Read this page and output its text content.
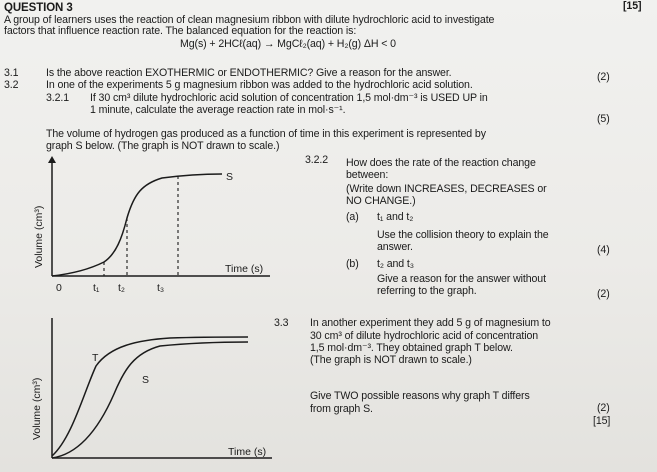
QUESTION 3	[15]
A group of learners uses the reaction of clean magnesium ribbon with dilute hydrochloric acid to investigate
factors that influence reaction rate. The balanced equation for the reaction is:
Mg(s) + 2HCℓ(aq) → MgCℓ₂(aq) + H₂(g) ΔH < 0
3.1	Is the above reaction EXOTHERMIC or ENDOTHERMIC? Give a reason for the answer.	(2)
3.2	In one of the experiments 5 g magnesium ribbon was added to the hydrochloric acid solution.
3.2.1 If 30 cm³ dilute hydrochloric acid solution of concentration 1,5 mol·dm⁻³ is USED UP in
1 minute, calculate the average reaction rate in mol·s⁻¹.
(5)
The volume of hydrogen gas produced as a function of time in this experiment is represented by
graph S below. (The graph is NOT drawn to scale.)
3.2.2 How does the rate of the reaction change
between:
(Write down INCREASES, DECREASES or
NO CHANGE.)
(a) t₁ and t₂
Use the collision theory to explain the
answer.	(4)
(b) t₂ and t₃
Give a reason for the answer without
referring to the graph.	(2)
3.3 In another experiment they add 5 g of magnesium to
30 cm³ of dilute hydrochloric acid of concentration
1,5 mol·dm⁻³. They obtained graph T below.
(The graph is NOT drawn to scale.)
Give TWO possible reasons why graph T differs
from graph S.	(2)
[15]
Volume (cm³)
Time (s)
S
0	t₁ t₂	t₃
Volume (cm³)
Time (s)
T
S
